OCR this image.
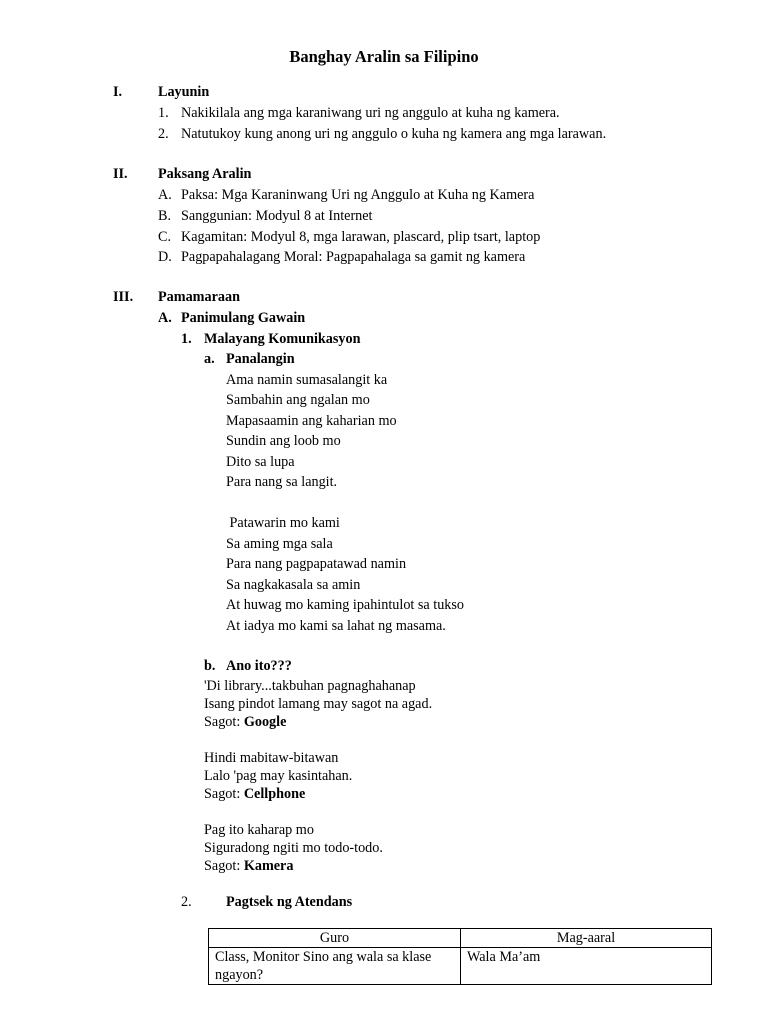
Banghay Aralin sa Filipino
I.	Layunin
1. Nakikilala ang mga karaniwang uri ng anggulo at kuha ng kamera.
2. Natutukoy kung anong uri ng anggulo o kuha ng kamera ang mga larawan.
II. Paksang Aralin
A. Paksa: Mga Karaninwang Uri ng Anggulo at Kuha ng Kamera
B. Sanggunian: Modyul 8 at Internet
C. Kagamitan: Modyul 8, mga larawan, plascard, plip tsart, laptop
D. Pagpapahalagang Moral: Pagpapahalaga sa gamit ng kamera
III. Pamamaraan
A. Panimulang Gawain
1. Malayang Komunikasyon
a. Panalangin
Ama namin sumasalangit ka
Sambahin ang ngalan mo
Mapasaamin ang kaharian mo
Sundin ang loob mo
Dito sa lupa
Para nang sa langit.
Patawarin mo kami
Sa aming mga sala
Para nang pagpapatawad namin
Sa nagkakasala sa amin
At huwag mo kaming ipahintulot sa tukso
At iadya mo kami sa lahat ng masama.
b. Ano ito???
'Di library...takbuhan pagnaghahanap
Isang pindot lamang may sagot na agad.
Sagot: Google
Hindi mabitaw-bitawan
Lalo 'pag may kasintahan.
Sagot: Cellphone
Pag ito kaharap mo
Siguradong ngiti mo todo-todo.
Sagot: Kamera
2. Pagtsek ng Atendans
Guro	Mag-aaral
Class, Monitor Sino ang wala sa klase ngayon?	Wala Ma’am
